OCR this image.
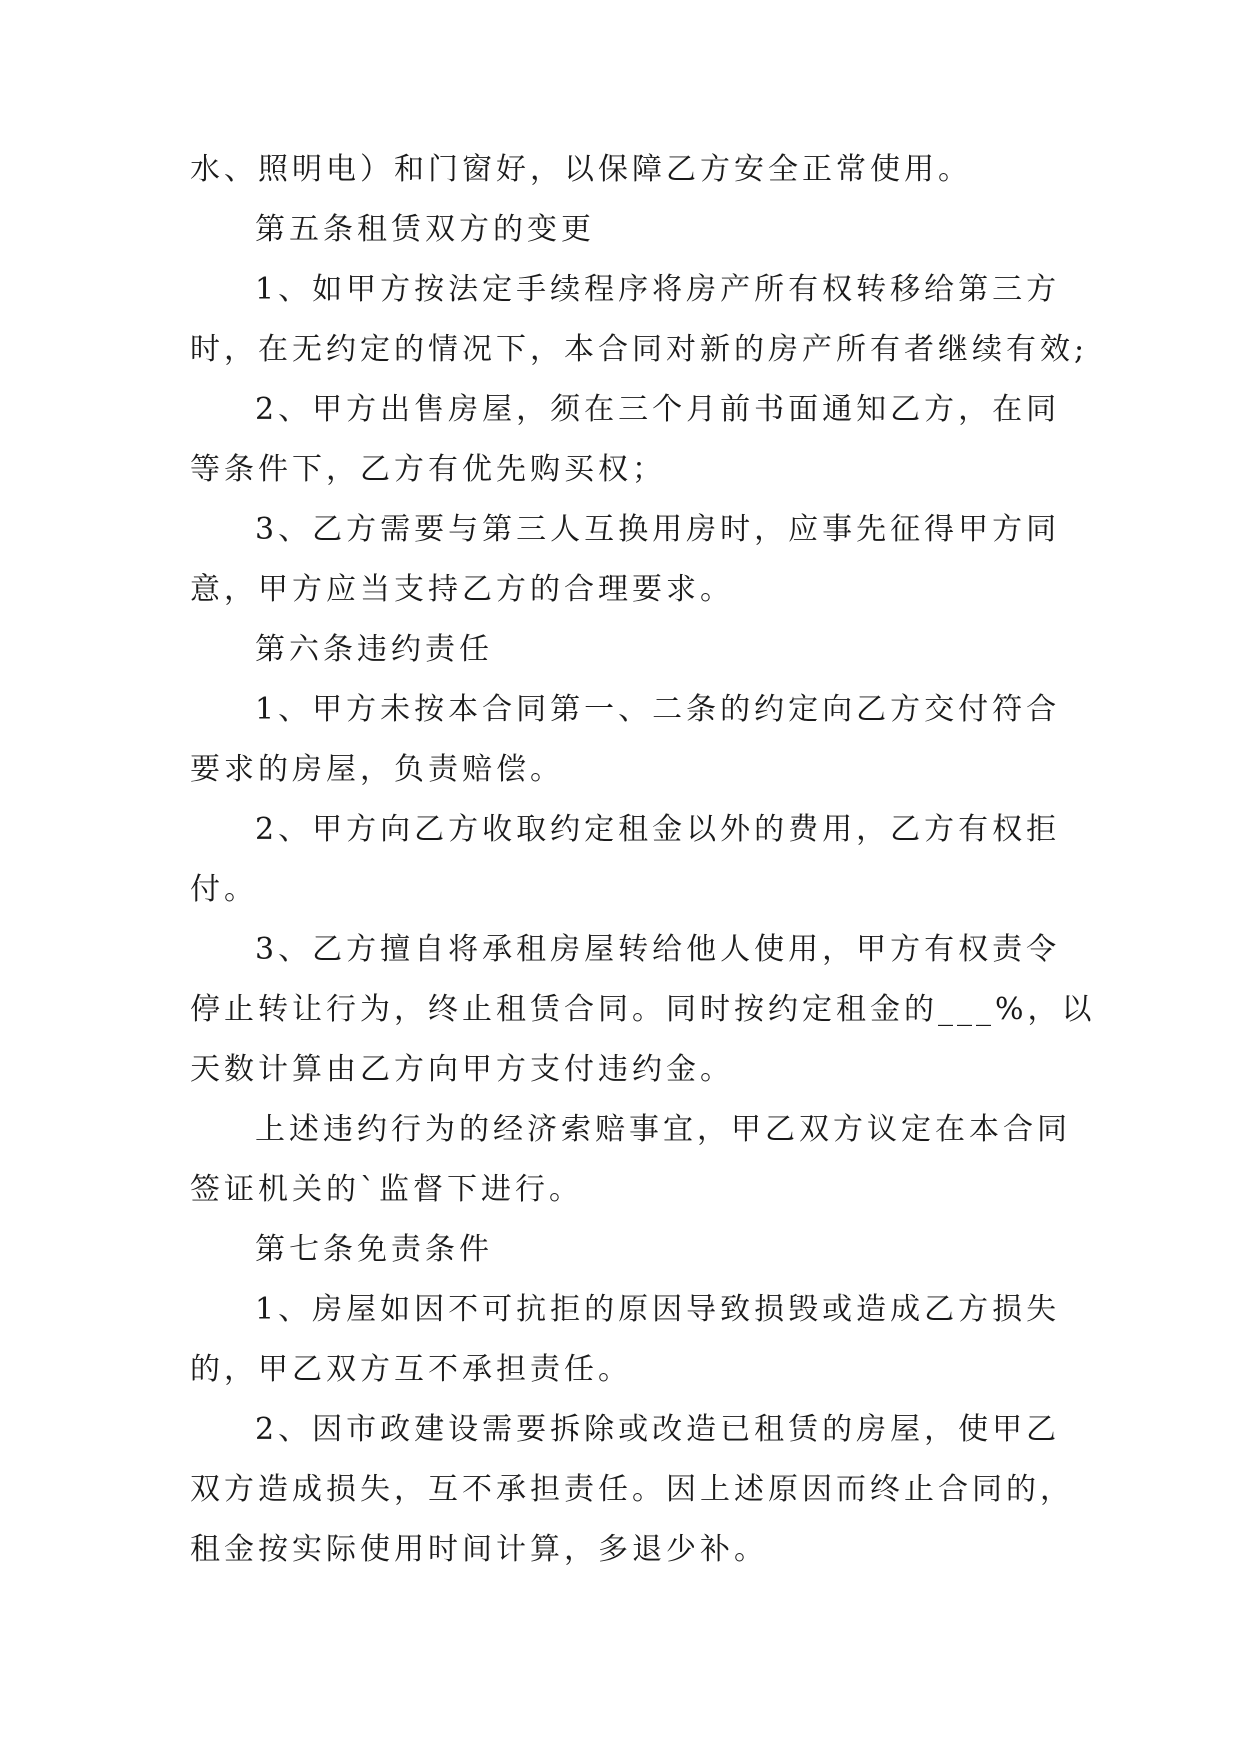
水、照明电）和门窗好，以保障乙方安全正常使用。
第五条租赁双方的变更
1、如甲方按法定手续程序将房产所有权转移给第三方
时，在无约定的情况下，本合同对新的房产所有者继续有效;
2、甲方出售房屋，须在三个月前书面通知乙方，在同
等条件下，乙方有优先购买权；
3、乙方需要与第三人互换用房时，应事先征得甲方同
意，甲方应当支持乙方的合理要求。
第六条违约责任
1、甲方未按本合同第一、二条的约定向乙方交付符合
要求的房屋，负责赔偿。
2、甲方向乙方收取约定租金以外的费用，乙方有权拒
付。
3、乙方擅自将承租房屋转给他人使用，甲方有权责令
停止转让行为，终止租赁合同。同时按约定租金的___%，以
天数计算由乙方向甲方支付违约金。
上述违约行为的经济索赔事宜，甲乙双方议定在本合同
签证机关的`监督下进行。
第七条免责条件
1、房屋如因不可抗拒的原因导致损毁或造成乙方损失
的，甲乙双方互不承担责任。
2、因市政建设需要拆除或改造已租赁的房屋，使甲乙
双方造成损失，互不承担责任。因上述原因而终止合同的，
租金按实际使用时间计算，多退少补。
